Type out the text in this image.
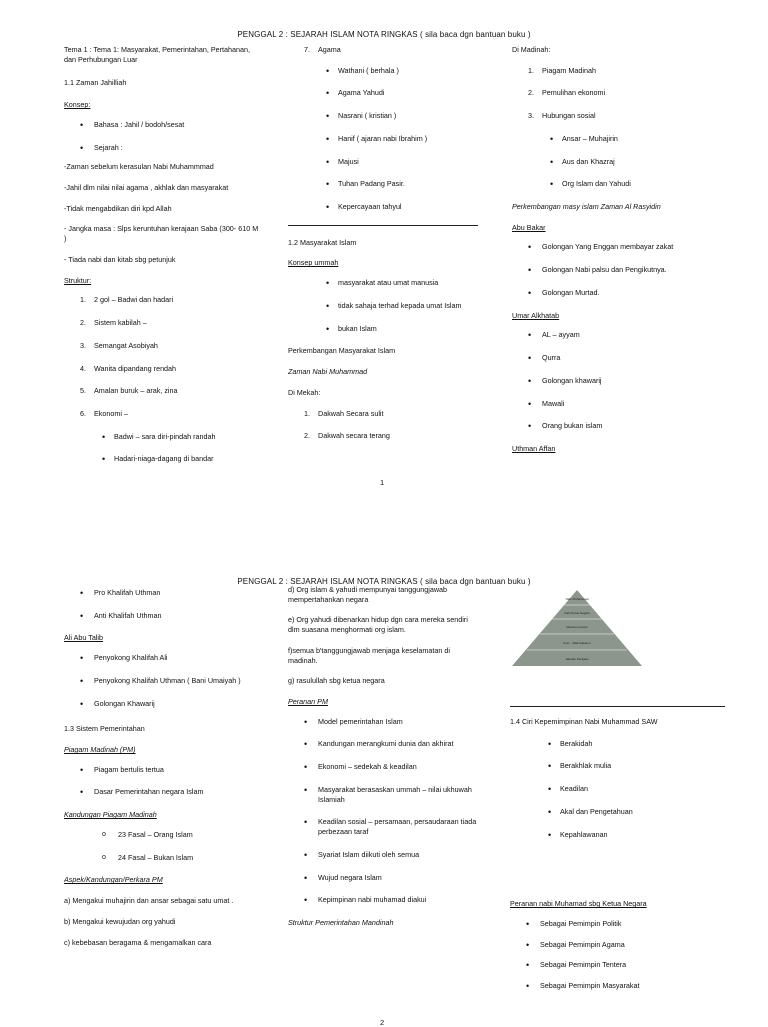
PENGGAL 2 : SEJARAH ISLAM NOTA RINGKAS ( sila baca dgn bantuan buku )

Tema 1 : Tema 1: Masyarakat, Pemerintahan, Pertahanan, dan Perhubungan Luar

1.1 Zaman Jahilliah

Konsep:

• Bahasa : Jahil / bodoh/sesat
• Sejarah :

-Zaman sebelum kerasulan Nabi Muhammmad

-Jahil dlm nilai nilai agama , akhlak dan masyarakat

-Tidak mengabdikan diri kpd Allah

- Jangka masa : Slps keruntuhan kerajaan Saba (300- 610 M )

- Tiada nabi dan kitab sbg petunjuk

Struktur:

1. 2 gol – Badwi dan hadari
2. Sistem kabilah –
3. Semangat Asobiyah
4. Wanita dipandang rendah
5. Amalan buruk – arak, zina
6. Ekonomi –
• Badwi – sara diri-pindah randah
• Hadari-niaga-dagang di bandar
7. Agama
• Wathani ( berhala )
• Agama Yahudi
• Nasrani ( kristian )
• Hanif ( ajaran nabi Ibrahim )
• Majusi
• Tuhan Padang Pasir.
• Kepercayaan tahyul

1.2 Masyarakat Islam

Konsep ummah

• masyarakat atau umat manusia
• tidak sahaja terhad kepada umat Islam
• bukan Islam

Perkembangan Masyarakat Islam

Zaman Nabi Muhammad

Di Mekah:

1. Dakwah Secara sulit
2. Dakwah secara terang

Di Madinah:

1. Piagam Madinah
2. Pemulihan ekonomi
3. Hubungan sosial
• Ansar – Muhajirin
• Aus dan Khazraj
• Org Islam dan Yahudi

Perkembangan masy islam Zaman Al Rasyidin

Abu Bakar

• Golongan Yang Enggan membayar zakat
• Golongan Nabi palsu dan Pengikutnya.
• Golongan Murtad.

Umar Alkhatab

• AL – ayyam
• Qurra
• Golongan khawarij
• Mawali
• Orang bukan islam

Uthman Affan

1
PENGGAL 2 : SEJARAH ISLAM NOTA RINGKAS ( sila baca dgn bantuan buku )
• Pro Khalifah Uthman
• Anti Khalifah Uthman

Ali Abu Talib

• Penyokong Khalifah Ali
• Penyokong Khalifah Uthman ( Bani Umaiyah )
• Golongan Khawarij

1.3 Sistem Pemerintahan

Piagam Madinah (PM)

• Piagam bertulis tertua
• Dasar Pemerintahan negara Islam

Kandungan Piagam Madinah

o 23 Fasal – Orang Islam
o 24 Fasal – Bukan Islam

Aspek/Kandungan/Perkara PM

a) Mengakui muhajirin dan ansar sebagai satu umat .

b) Mengakui kewujudan org yahudi

c) kebebasan beragama & mengamalkan cara

d) Org islam & yahudi mempunyai tanggungjawab mempertahankan negara

e) Org yahudi dibenarkan hidup dgn cara mereka sendiri dlm suasana menghormati org islam.

f)semua b'tanggungjawab menjaga keselamatan di madinah.

g) rasulullah sbg ketua negara

Peranan PM

• Model pemerintahan Islam
• Kandungan merangkumi dunia dan akhirat
• Ekonomi – sedekah & keadilan
• Masyarakat berasaskan ummah – nilai ukhuwah Islamiah
• Keadilan sosial – persamaan, persaudaraan tiada perbezaan taraf
• Syariat Islam diikuti oleh semua
• Wujud negara Islam
• Kepimpinan nabi muhamad diakui

Struktur Pemerintahan Mandinah

Nabi Muhammad
Nabi Ketua Negara
Mentari-mentari
Amir – Wali Gabenor
Jabatan Kerajaan

1.4 Ciri Kepemimpinan Nabi Muhammad SAW

• Berakidah
• Berakhlak mulia
• Keadilan
• Akal dan Pengetahuan
• Kepahlawanan

Peranan nabi Muhamad sbg Ketua Negara

• Sebagai Pemimpin Politik
• Sebagai Pemimpin Agama
• Sebagai Pemimpin Tentera
• Sebagai Pemimpin Masyarakat
2
